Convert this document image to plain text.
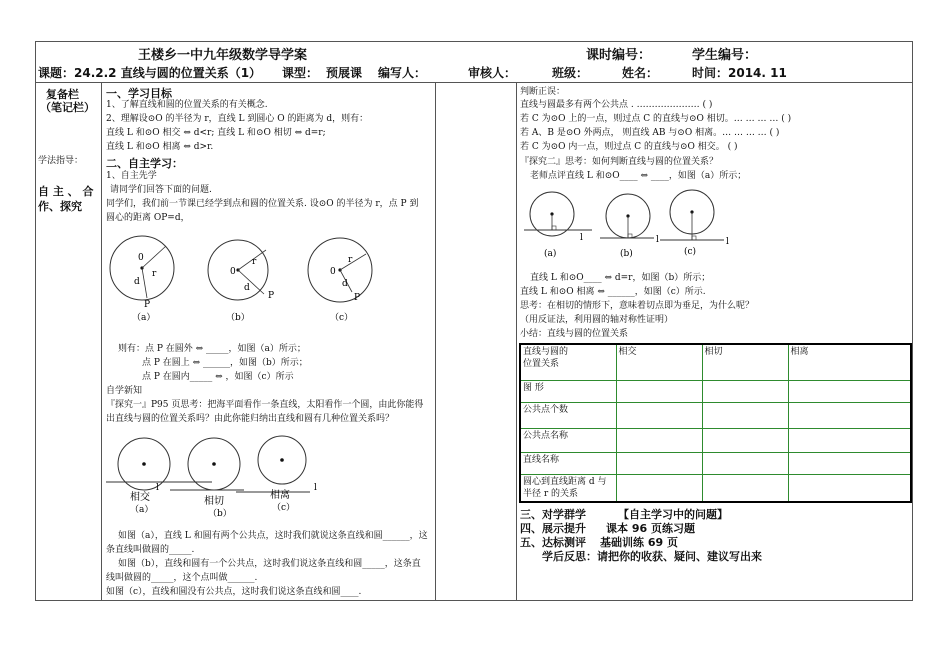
王楼乡一中九年级数学导学案	课时编号：	学生编号：
课题：24.2.2 直线与圆的位置关系（1） 课型： 预展课 编写人：	审核人：	班级：	姓名：	时间：2014. 11
复备栏
（笔记栏）
学法指导：
自 主 、 合
作、探究
一、学习目标
1、了解直线和圆的位置关系的有关概念.
2、理解设⊙O 的半径为 r，直线 L 到圆心 O 的距离为 d，则有：
直线 L 和⊙O 相交 ⇔ d<r; 直线 L 和⊙O 相切 ⇔ d=r;
直线 L 和⊙O 相离 ⇔ d>r.
二、自主学习：
1、自主先学
请同学们回答下面的问题.
同学们，我们前一节课已经学到点和圆的位置关系. 设⊙O 的半径为 r，点 P 到
圆心的距离 OP=d，
0
r
d
P
（a）
0
r
d
P
（b）
0
r
d
P
（c）
则有：点 P 在圆外 ⇔ _____，如图（a）所示；
点 P 在圆上 ⇔ ______，如图（b）所示；
点 P 在圆内_____ ⇔ ，如图（c）所示
自学新知
『探究一』P95 页思考：把海平面看作一条直线，太阳看作一个圆，由此你能得
出直线与圆的位置关系吗？由此你能归纳出直线和圆有几种位置关系吗？
l
相交	相切
（b）
l
相离
（c）
（a）
如图（a），直线 L 和圆有两个公共点，这时我们就说这条直线和圆______，这
条直线叫做圆的_____.
如图（b），直线和圆有一个公共点，这时我们说这条直线和圆_____，这条直
线叫做圆的_____，这个点叫做______.
如图（c），直线和圆没有公共点，这时我们说这条直线和圆____.
判断正误：
直线与圆最多有两个公共点 . ………………… ( )
若 C 为⊙O 上的一点，则过点 C 的直线与⊙O 相切。… … … … ( )
若 A、B 是⊙O 外两点， 则直线 AB 与⊙O 相离。… … … … ( )
若 C 为⊙O 内一点，则过点 C 的直线与⊙O 相交。 ( )
『探究二』思考：如何判断直线与圆的位置关系？
老师点评直线 L 和⊙O____ ⇔ ____，如图（a）所示；
l
(a)
l
(b)
l
(c)
直线 L 和⊙O____ ⇔ d=r，如图（b）所示；
直线 L 和⊙O 相离 ⇔ ______，如图（c）所示.
思考：在相切的情形下，意味着切点即为垂足，为什么呢？
（用反证法，利用圆的轴对称性证明）
小结：直线与圆的位置关系
直线与圆的
位置关系	相交	相切	相离
图 形			
公共点个数			
公共点名称			
直线名称			
圆心到直线距离 d 与
半径 r 的关系			
三、对学群学	【自主学习中的问题】
四、展示提升 课本 96 页练习题
五、达标测评 基础训练 69 页
学后反思：请把你的收获、疑问、建议写出来
